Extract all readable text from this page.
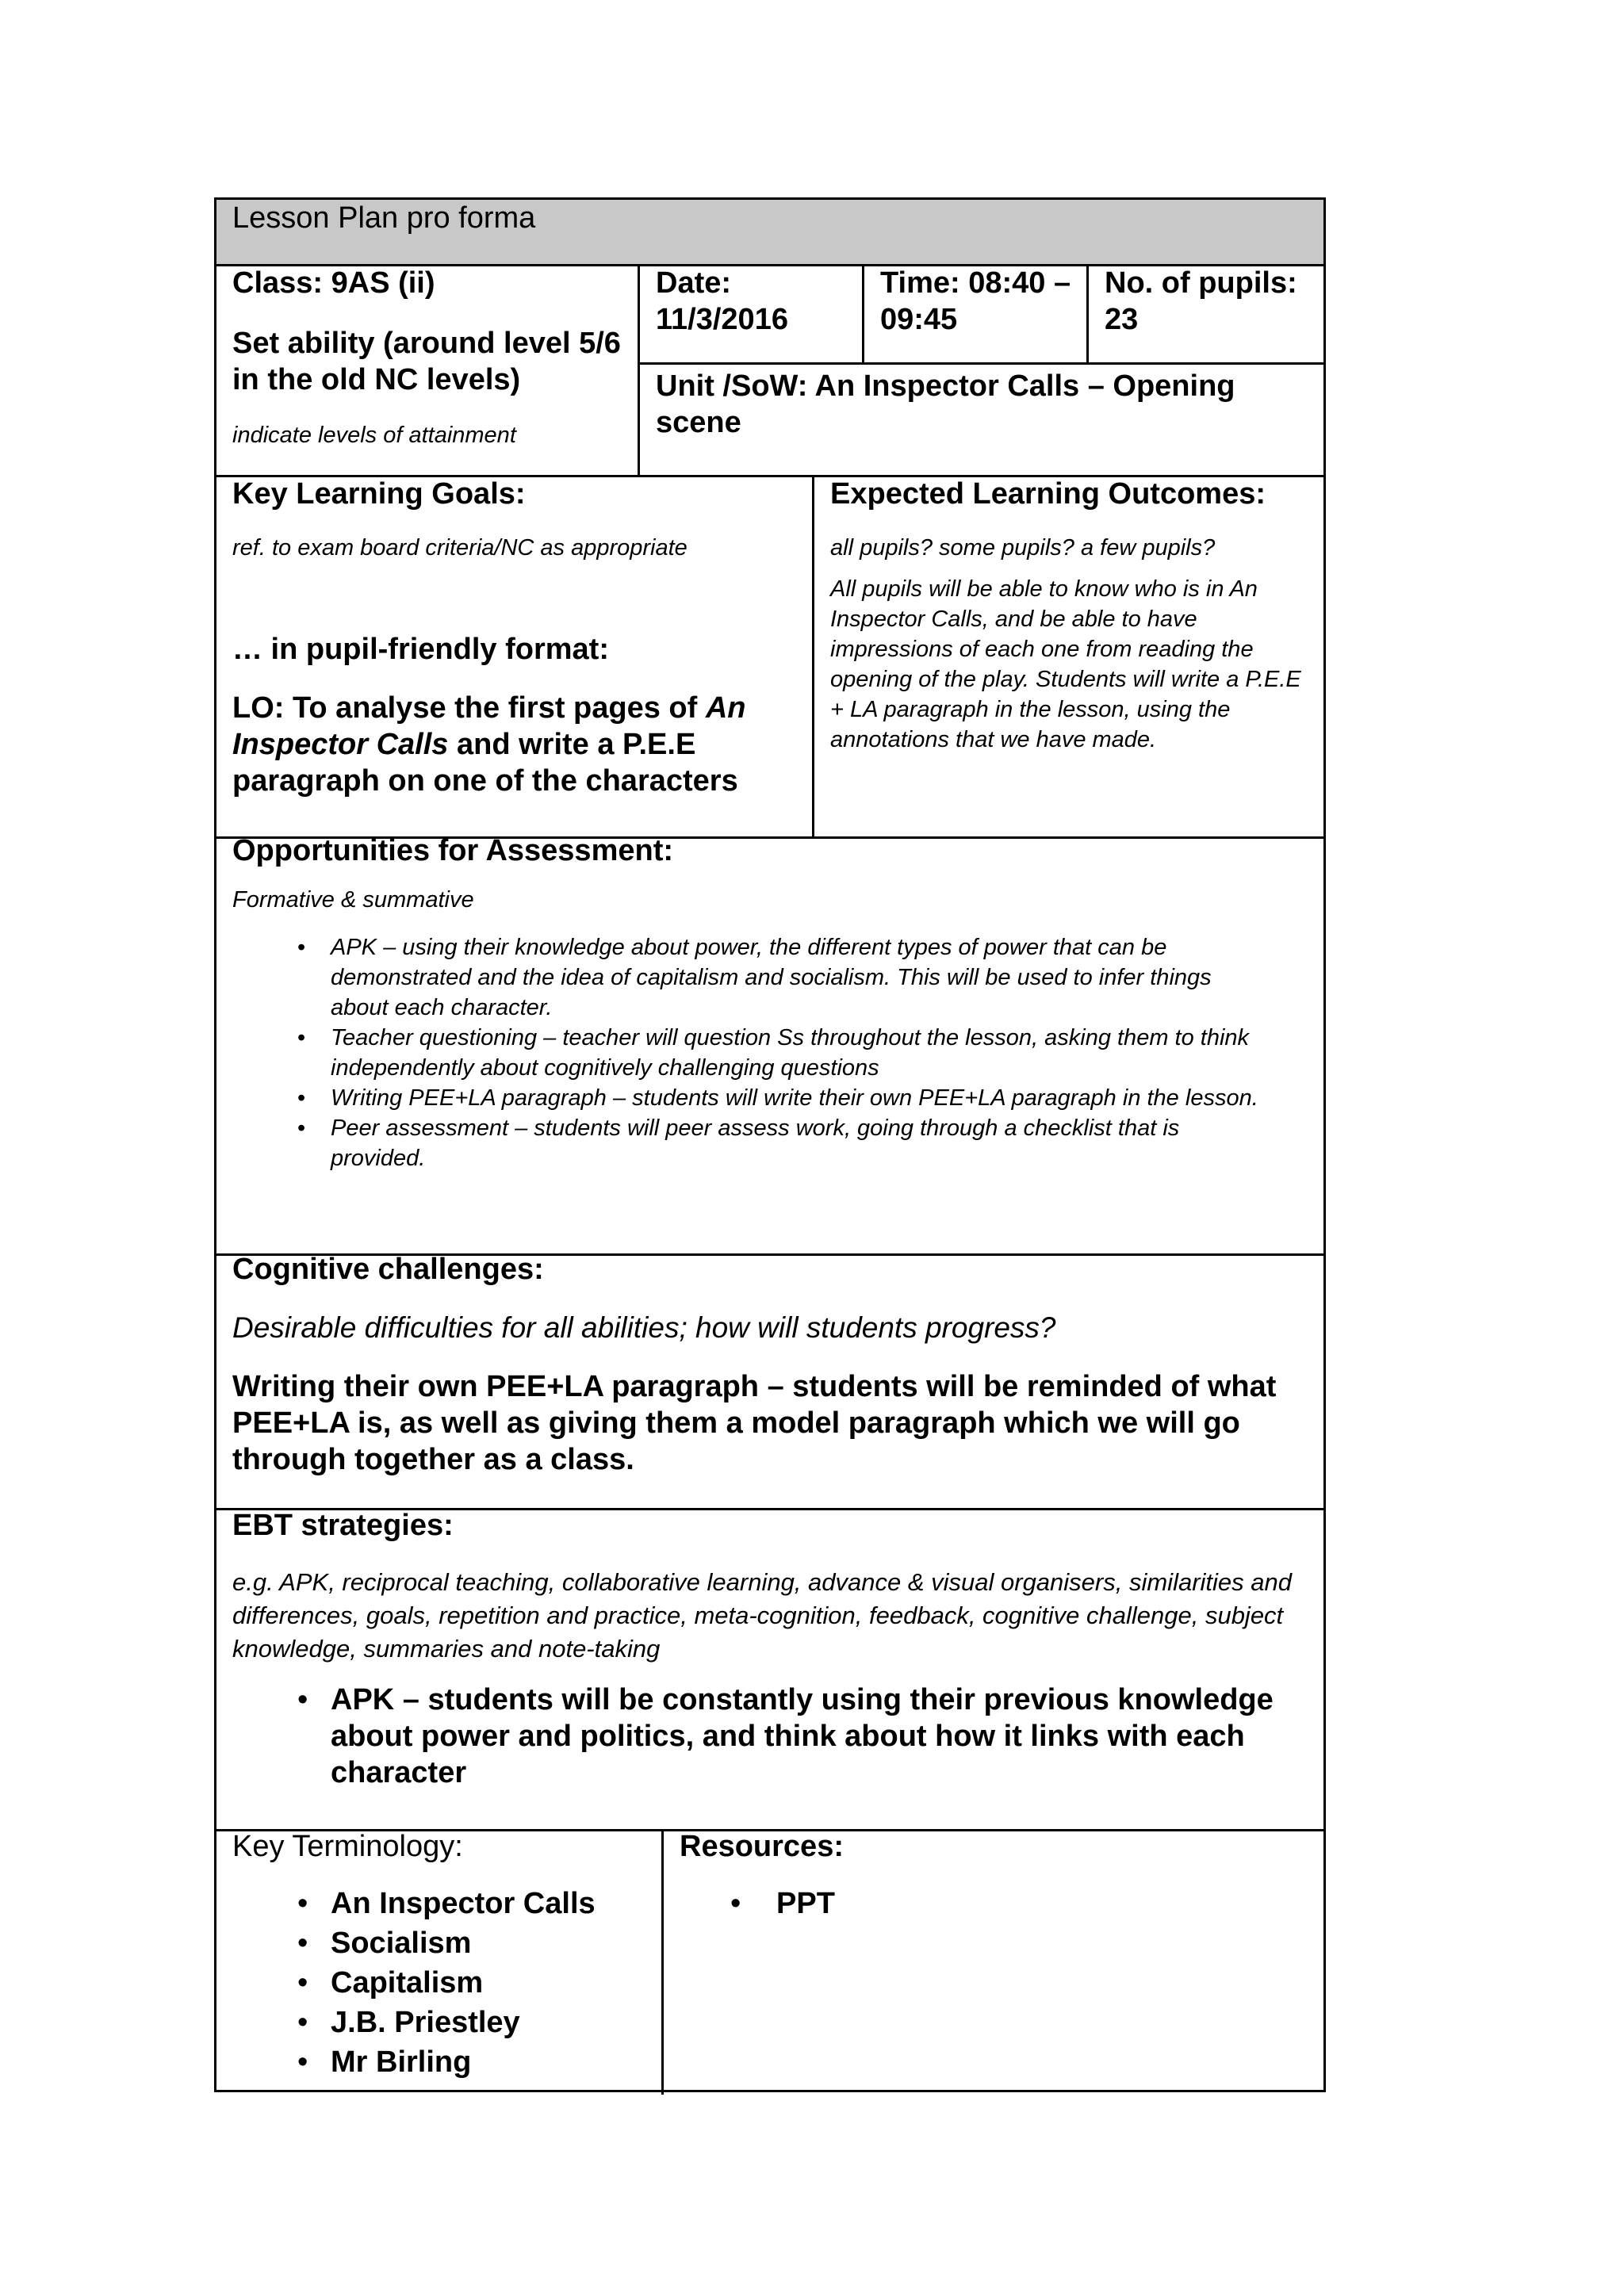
Lesson Plan pro forma
Class: 9AS (ii)
Set ability (around level 5/6 in the old NC levels)
indicate levels of attainment
Date:
11/3/2016
Time: 08:40 –
09:45
No. of pupils:
23
Unit /SoW: An Inspector Calls – Opening scene
Key Learning Goals:
ref. to exam board criteria/NC as appropriate
… in pupil-friendly format:
LO: To analyse the first pages of An Inspector Calls and write a P.E.E paragraph on one of the characters
Expected Learning Outcomes:
all pupils? some pupils? a few pupils?
All pupils will be able to know who is in An Inspector Calls, and be able to have impressions of each one from reading the opening of the play. Students will write a P.E.E + LA paragraph in the lesson, using the annotations that we have made.
Opportunities for Assessment:
Formative & summative
• APK – using their knowledge about power, the different types of power that can be demonstrated and the idea of capitalism and socialism. This will be used to infer things about each character.
• Teacher questioning – teacher will question Ss throughout the lesson, asking them to think independently about cognitively challenging questions
• Writing PEE+LA paragraph – students will write their own PEE+LA paragraph in the lesson.
• Peer assessment – students will peer assess work, going through a checklist that is provided.
Cognitive challenges:
Desirable difficulties for all abilities; how will students progress?
Writing their own PEE+LA paragraph – students will be reminded of what PEE+LA is, as well as giving them a model paragraph which we will go through together as a class.
EBT strategies:
e.g. APK, reciprocal teaching, collaborative learning, advance & visual organisers, similarities and differences, goals, repetition and practice, meta-cognition, feedback, cognitive challenge, subject knowledge, summaries and note-taking
• APK – students will be constantly using their previous knowledge about power and politics, and think about how it links with each character
Key Terminology:
• An Inspector Calls
• Socialism
• Capitalism
• J.B. Priestley
• Mr Birling
Resources:
• PPT
